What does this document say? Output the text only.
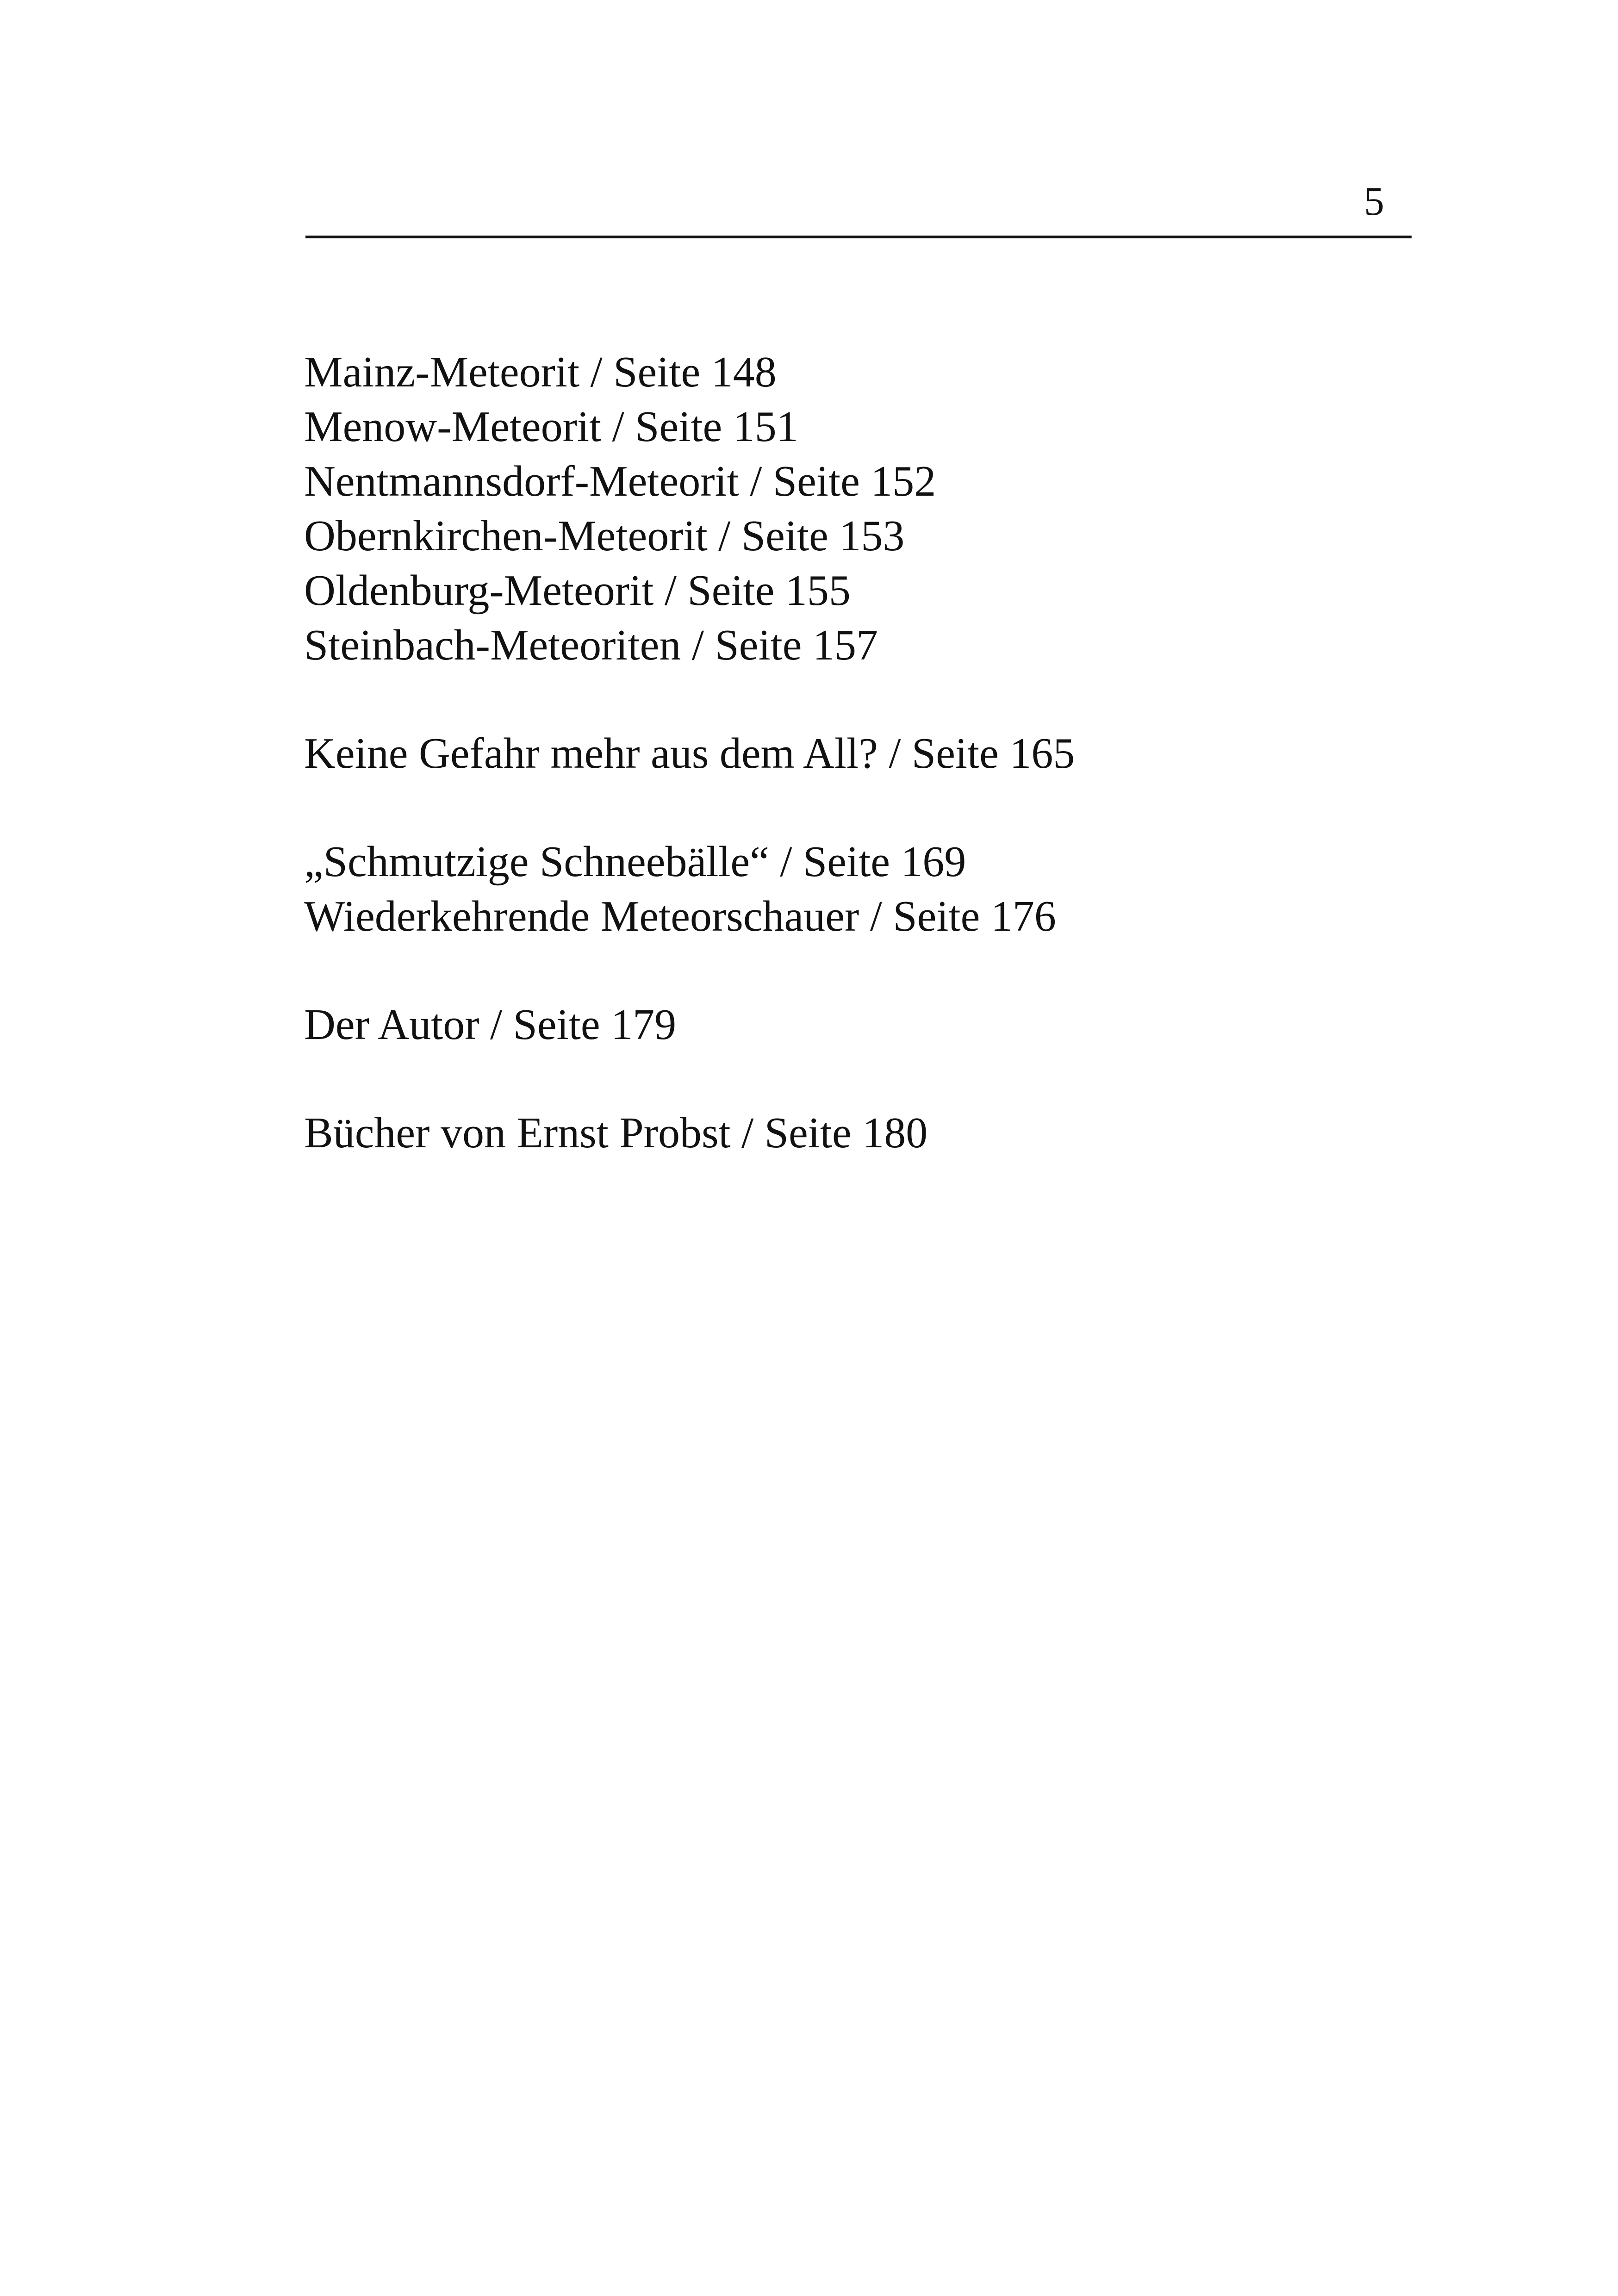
5
Mainz-Meteorit / Seite 148
Menow-Meteorit / Seite 151
Nentmannsdorf-Meteorit / Seite 152
Obernkirchen-Meteorit / Seite 153
Oldenburg-Meteorit / Seite 155
Steinbach-Meteoriten / Seite 157
Keine Gefahr mehr aus dem All? / Seite 165
„Schmutzige Schneebälle“ / Seite 169
Wiederkehrende Meteorschauer / Seite 176
Der Autor / Seite 179
Bücher von Ernst Probst / Seite 180
